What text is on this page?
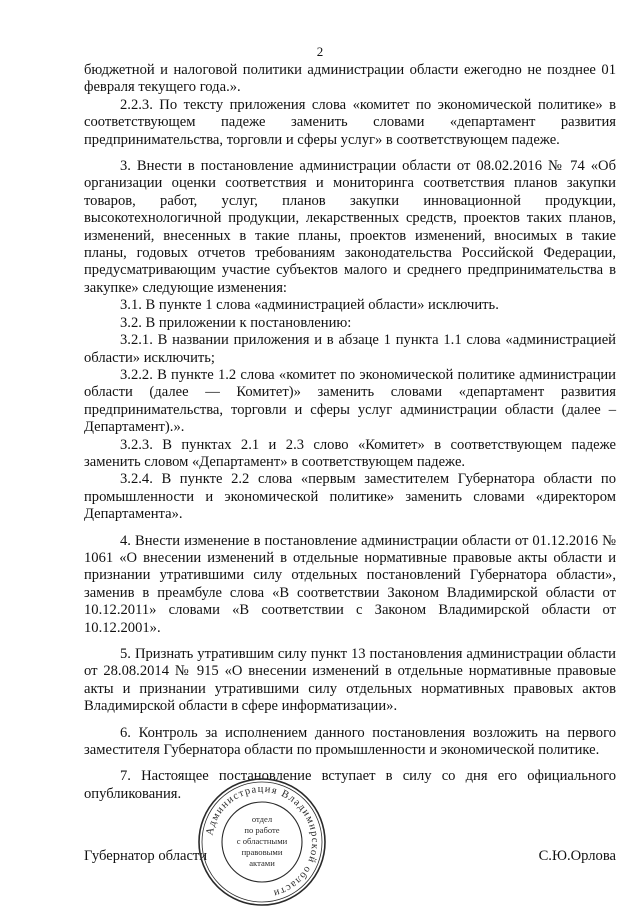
2

бюджетной и налоговой политики администрации области ежегодно не позднее 01 февраля текущего года.».

2.2.3. По тексту приложения слова «комитет по экономической политике» в соответствующем падеже заменить словами «департамент развития предпринимательства, торговли и сферы услуг» в соответствующем падеже.

3. Внести в постановление администрации области от 08.02.2016 № 74 «Об организации оценки соответствия и мониторинга соответствия планов закупки товаров, работ, услуг, планов закупки инновационной продукции, высокотехнологичной продукции, лекарственных средств, проектов таких планов, изменений, внесенных в такие планы, проектов изменений, вносимых в такие планы, годовых отчетов требованиям законодательства Российской Федерации, предусматривающим участие субъектов малого и среднего предпринимательства в закупке» следующие изменения:

3.1. В пункте 1 слова «администрацией области» исключить.

3.2. В приложении к постановлению:

3.2.1. В названии приложения и в абзаце 1 пункта 1.1 слова «администрацией области» исключить;

3.2.2. В пункте 1.2 слова «комитет по экономической политике администрации области (далее — Комитет)» заменить словами «департамент развития предпринимательства, торговли и сферы услуг администрации области (далее – Департамент).».

3.2.3. В пунктах 2.1 и 2.3 слово «Комитет» в соответствующем падеже заменить словом «Департамент» в соответствующем падеже.

3.2.4. В пункте 2.2 слова «первым заместителем Губернатора области по промышленности и экономической политике» заменить словами «директором Департамента».

4. Внести изменение в постановление администрации области от 01.12.2016 № 1061 «О внесении изменений в отдельные нормативные правовые акты области и признании утратившими силу отдельных постановлений Губернатора области», заменив в преамбуле слова «В соответствии Законом Владимирской области от 10.12.2011» словами «В соответствии с Законом Владимирской области от 10.12.2001».

5. Признать утратившим силу пункт 13 постановления администрации области от 28.08.2014 № 915 «О внесении изменений в отдельные нормативные правовые акты и признании утратившими силу отдельных нормативных правовых актов Владимирской области в сфере информатизации».

6. Контроль за исполнением данного постановления возложить на первого заместителя Губернатора области по промышленности и экономической политике.

7. Настоящее постановление вступает в силу со дня его официального опубликования.

Губернатор области	С.Ю.Орлова
Администрация Владимирской области
отдел
по работе
с областными
правовыми
актами
